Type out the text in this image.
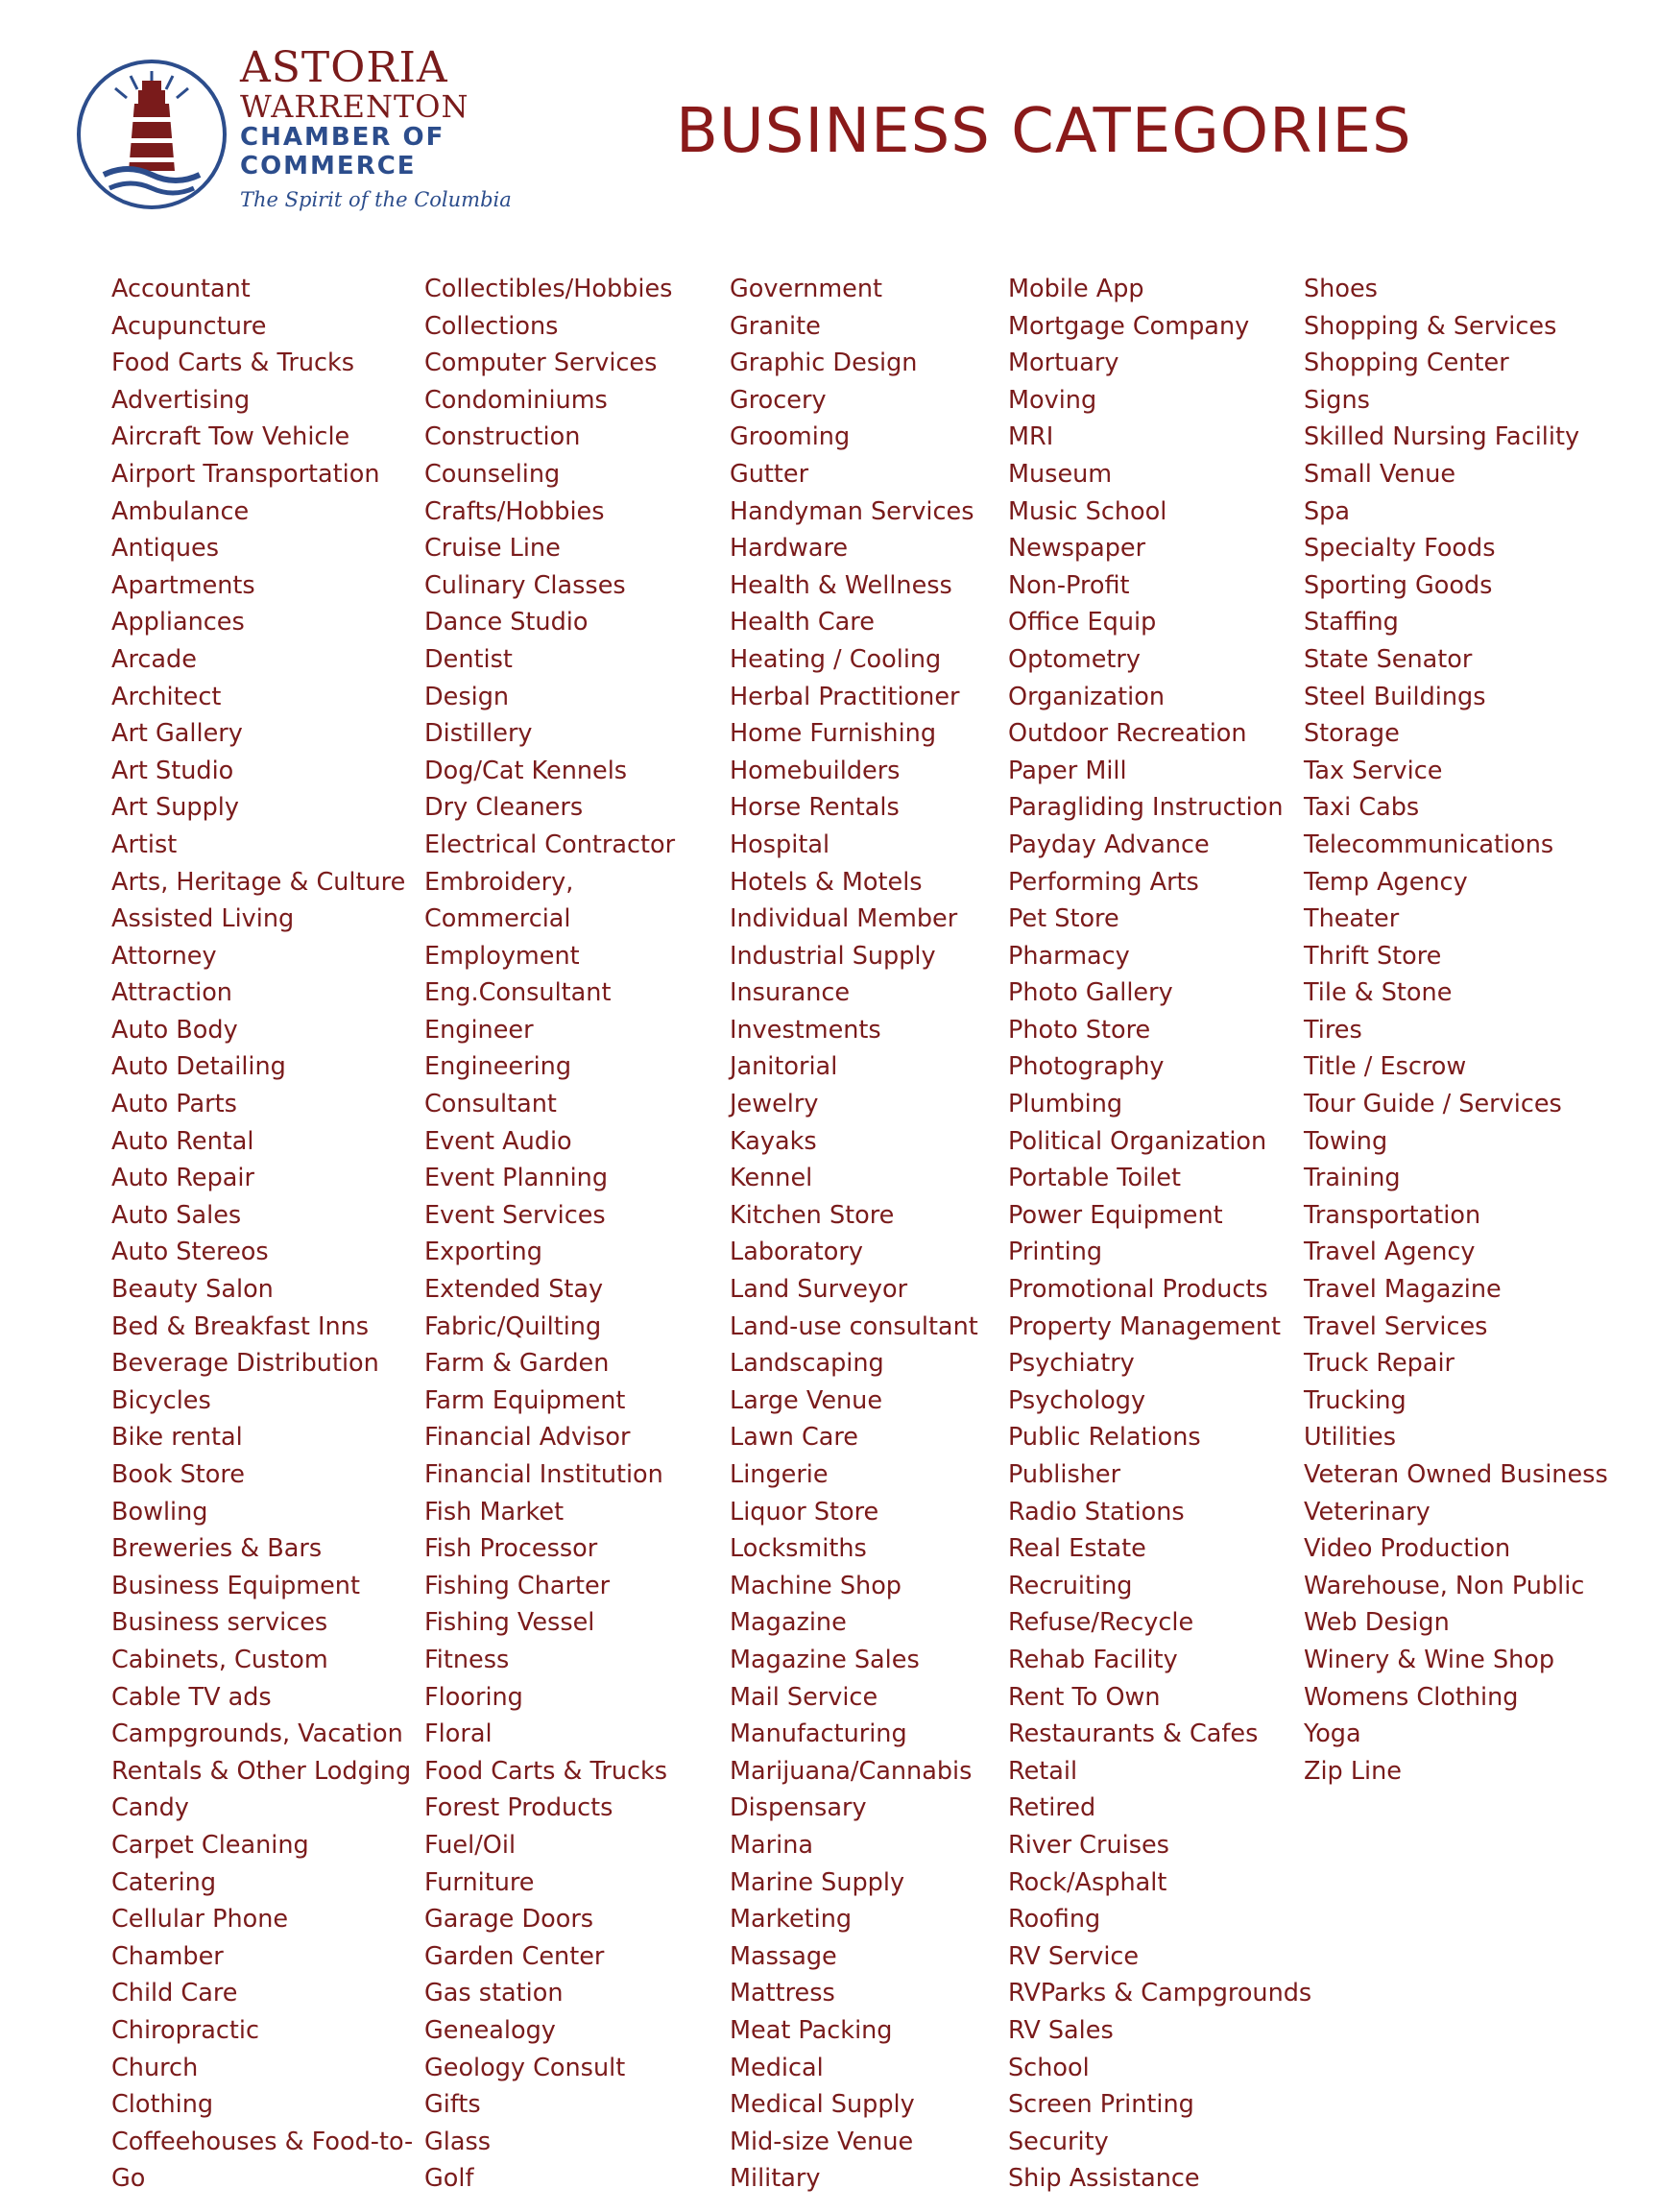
ASTORIA
WARRENTON
CHAMBER OF
COMMERCE
The Spirit of the Columbia
BUSINESS CATEGORIES
Accountant
Acupuncture
Food Carts & Trucks
Advertising
Aircraft Tow Vehicle
Airport Transportation
Ambulance
Antiques
Apartments
Appliances
Arcade
Architect
Art Gallery
Art Studio
Art Supply
Artist
Arts, Heritage & Culture
Assisted Living
Attorney
Attraction
Auto Body
Auto Detailing
Auto Parts
Auto Rental
Auto Repair
Auto Sales
Auto Stereos
Beauty Salon
Bed & Breakfast Inns
Beverage Distribution
Bicycles
Bike rental
Book Store
Bowling
Breweries & Bars
Business Equipment
Business services
Cabinets, Custom
Cable TV ads
Campgrounds, Vacation
Rentals & Other Lodging
Candy
Carpet Cleaning
Catering
Cellular Phone
Chamber
Child Care
Chiropractic
Church
Clothing
Coffeehouses & Food-to-
Go
Collectibles/Hobbies
Collections
Computer Services
Condominiums
Construction
Counseling
Crafts/Hobbies
Cruise Line
Culinary Classes
Dance Studio
Dentist
Design
Distillery
Dog/Cat Kennels
Dry Cleaners
Electrical Contractor
Embroidery,
Commercial
Employment
Eng.Consultant
Engineer
Engineering
Consultant
Event Audio
Event Planning
Event Services
Exporting
Extended Stay
Fabric/Quilting
Farm & Garden
Farm Equipment
Financial Advisor
Financial Institution
Fish Market
Fish Processor
Fishing Charter
Fishing Vessel
Fitness
Flooring
Floral
Food Carts & Trucks
Forest Products
Fuel/Oil
Furniture
Garage Doors
Garden Center
Gas station
Genealogy
Geology Consult
Gifts
Glass
Golf
Government
Granite
Graphic Design
Grocery
Grooming
Gutter
Handyman Services
Hardware
Health & Wellness
Health Care
Heating / Cooling
Herbal Practitioner
Home Furnishing
Homebuilders
Horse Rentals
Hospital
Hotels & Motels
Individual Member
Industrial Supply
Insurance
Investments
Janitorial
Jewelry
Kayaks
Kennel
Kitchen Store
Laboratory
Land Surveyor
Land-use consultant
Landscaping
Large Venue
Lawn Care
Lingerie
Liquor Store
Locksmiths
Machine Shop
Magazine
Magazine Sales
Mail Service
Manufacturing
Marijuana/Cannabis
Dispensary
Marina
Marine Supply
Marketing
Massage
Mattress
Meat Packing
Medical
Medical Supply
Mid-size Venue
Military
Mobile App
Mortgage Company
Mortuary
Moving
MRI
Museum
Music School
Newspaper
Non-Profit
Office Equip
Optometry
Organization
Outdoor Recreation
Paper Mill
Paragliding Instruction
Payday Advance
Performing Arts
Pet Store
Pharmacy
Photo Gallery
Photo Store
Photography
Plumbing
Political Organization
Portable Toilet
Power Equipment
Printing
Promotional Products
Property Management
Psychiatry
Psychology
Public Relations
Publisher
Radio Stations
Real Estate
Recruiting
Refuse/Recycle
Rehab Facility
Rent To Own
Restaurants & Cafes
Retail
Retired
River Cruises
Rock/Asphalt
Roofing
RV Service
RVParks & Campgrounds
RV Sales
School
Screen Printing
Security
Ship Assistance
Shoes
Shopping & Services
Shopping Center
Signs
Skilled Nursing Facility
Small Venue
Spa
Specialty Foods
Sporting Goods
Staffing
State Senator
Steel Buildings
Storage
Tax Service
Taxi Cabs
Telecommunications
Temp Agency
Theater
Thrift Store
Tile & Stone
Tires
Title / Escrow
Tour Guide / Services
Towing
Training
Transportation
Travel Agency
Travel Magazine
Travel Services
Truck Repair
Trucking
Utilities
Veteran Owned Business
Veterinary
Video Production
Warehouse, Non Public
Web Design
Winery & Wine Shop
Womens Clothing
Yoga
Zip Line
